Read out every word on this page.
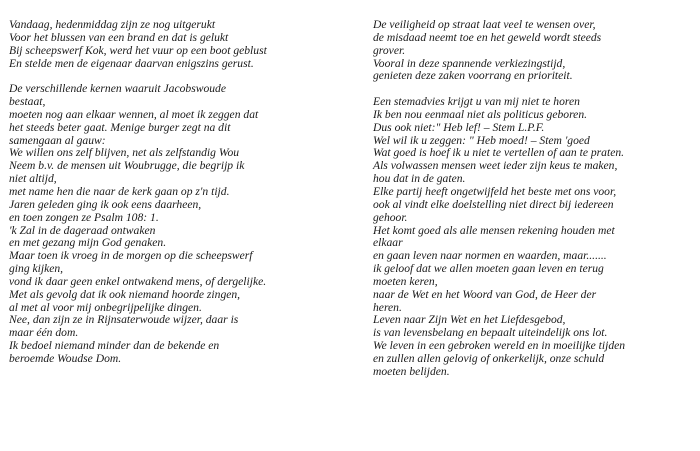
Vandaag, hedenmiddag zijn ze nog uitgerukt
Voor het blussen van een brand en dat is gelukt
Bij scheepswerf Kok, werd het vuur op een boot geblust
En stelde men de eigenaar daarvan enigszins gerust.
De verschillende kernen waaruit Jacobswoude
bestaat,
moeten nog aan elkaar wennen, al moet ik zeggen dat
het steeds beter gaat. Menige burger zegt na dit
samengaan al gauw:
We willen ons zelf blijven, net als zelfstandig Wou
Neem b.v. de mensen uit Woubrugge, die begrijp ik
niet altijd,
met name hen die naar de kerk gaan op z'n tijd.
Jaren geleden ging ik ook eens daarheen,
en toen zongen ze Psalm 108: 1.
'k Zal in de dageraad ontwaken
en met gezang mijn God genaken.
Maar toen ik vroeg in de morgen op die scheepswerf
ging kijken,
vond ik daar geen enkel ontwakend mens, of dergelijke.
Met als gevolg dat ik ook niemand hoorde zingen,
al met al voor mij onbegrijpelijke dingen.
Nee, dan zijn ze in Rijnsaterwoude wijzer, daar is
maar één dom.
Ik bedoel niemand minder dan de bekende en
beroemde Woudse Dom.
De veiligheid op straat laat veel te wensen over,
de misdaad neemt toe en het geweld wordt steeds
grover.
Vooral in deze spannende verkiezingstijd,
genieten deze zaken voorrang en prioriteit.
Een stemadvies krijgt u van mij niet te horen
Ik ben nou eenmaal niet als politicus geboren.
Dus ook niet:" Heb lef! – Stem L.P.F.
Wel wil ik u zeggen: " Heb moed! – Stem 'goed
Wat goed is hoef ik u niet te vertellen of aan te praten.
Als volwassen mensen weet ieder zijn keus te maken,
hou dat in de gaten.
Elke partij heeft ongetwijfeld het beste met ons voor,
ook al vindt elke doelstelling niet direct bij iedereen
gehoor.
Het komt goed als alle mensen rekening houden met
elkaar
en gaan leven naar normen en waarden, maar.......
ik geloof dat we allen moeten gaan leven en terug
moeten keren,
naar de Wet en het Woord van God, de Heer der
heren.
Leven naar Zijn Wet en het Liefdesgebod,
is van levensbelang en bepaalt uiteindelijk ons lot.
We leven in een gebroken wereld en in moeilijke tijden
en zullen allen gelovig of onkerkelijk, onze schuld
moeten belijden.
